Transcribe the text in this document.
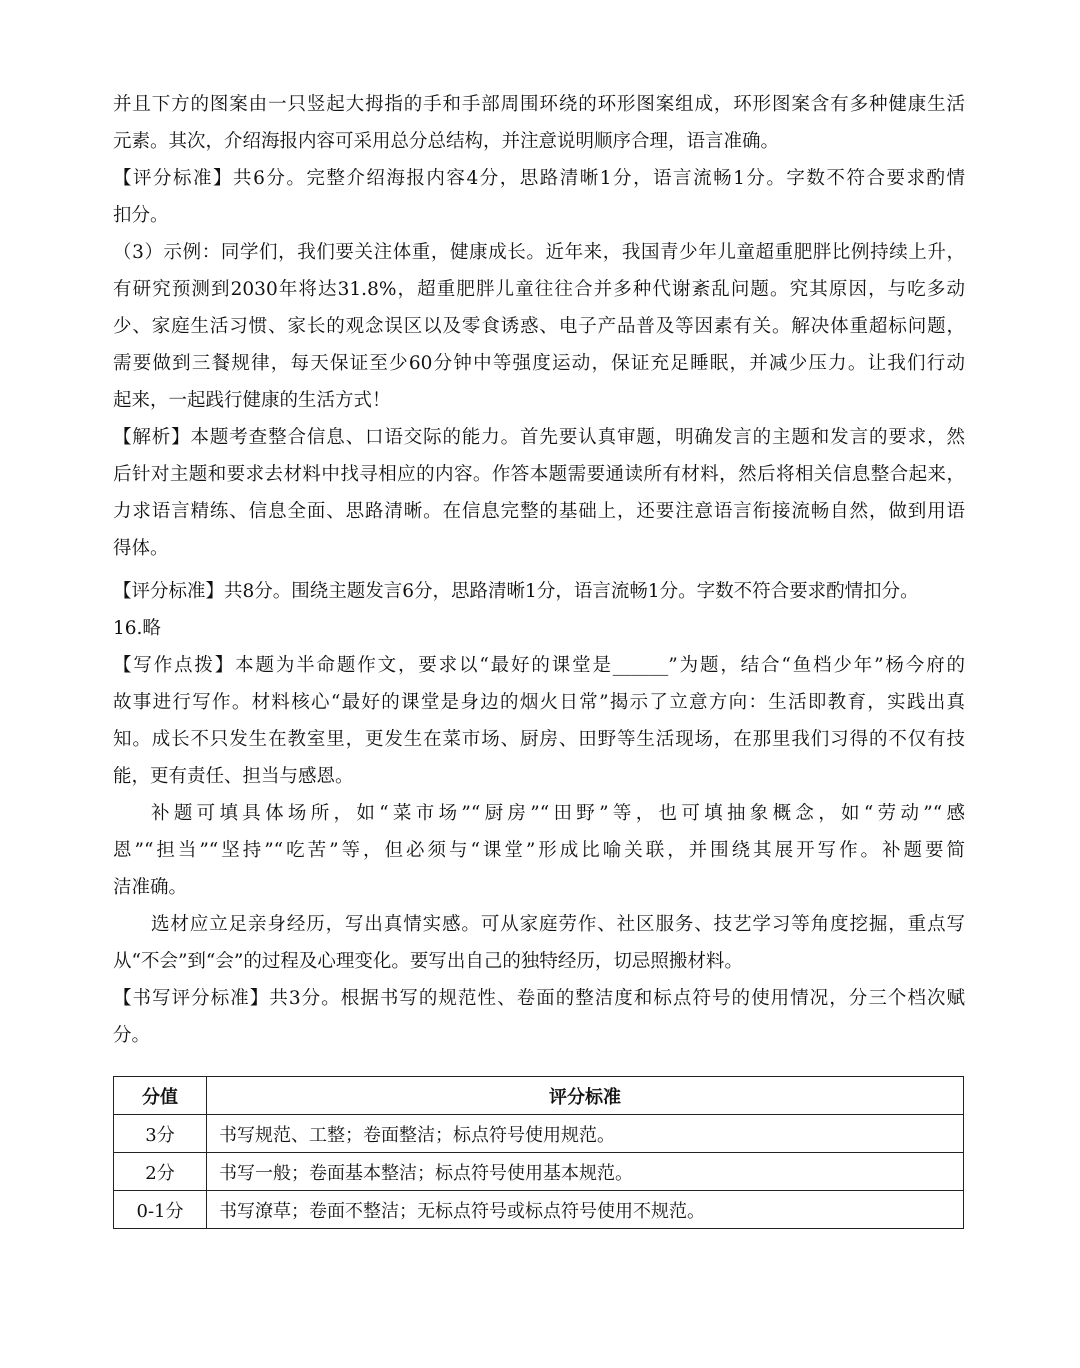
并且下方的图案由一只竖起大拇指的手和手部周围环绕的环形图案组成，环形图案含有多种健康生活
元素。其次，介绍海报内容可采用总分总结构，并注意说明顺序合理，语言准确。
【评分标准】共6分。完整介绍海报内容4分，思路清晰1分，语言流畅1分。字数不符合要求酌情
扣分。
（3）示例：同学们，我们要关注体重，健康成长。近年来，我国青少年儿童超重肥胖比例持续上升，
有研究预测到2030年将达31.8%，超重肥胖儿童往往合并多种代谢紊乱问题。究其原因，与吃多动
少、家庭生活习惯、家长的观念误区以及零食诱惑、电子产品普及等因素有关。解决体重超标问题，
需要做到三餐规律，每天保证至少60分钟中等强度运动，保证充足睡眠，并减少压力。让我们行动
起来，一起践行健康的生活方式！
【解析】本题考查整合信息、口语交际的能力。首先要认真审题，明确发言的主题和发言的要求，然
后针对主题和要求去材料中找寻相应的内容。作答本题需要通读所有材料，然后将相关信息整合起来，
力求语言精练、信息全面、思路清晰。在信息完整的基础上，还要注意语言衔接流畅自然，做到用语
得体。
【评分标准】共8分。围绕主题发言6分，思路清晰1分，语言流畅1分。字数不符合要求酌情扣分。
16.略
【写作点拨】本题为半命题作文，要求以“最好的课堂是______”为题，结合“鱼档少年”杨今府的
故事进行写作。材料核心“最好的课堂是身边的烟火日常”揭示了立意方向：生活即教育，实践出真
知。成长不只发生在教室里，更发生在菜市场、厨房、田野等生活现场，在那里我们习得的不仅有技
能，更有责任、担当与感恩。
补题可填具体场所，如“菜市场”“厨房”“田野”等，也可填抽象概念，如“劳动”“感
恩”“担当”“坚持”“吃苦”等，但必须与“课堂”形成比喻关联，并围绕其展开写作。补题要简
洁准确。
选材应立足亲身经历，写出真情实感。可从家庭劳作、社区服务、技艺学习等角度挖掘，重点写
从“不会”到“会”的过程及心理变化。要写出自己的独特经历，切忌照搬材料。
【书写评分标准】共3分。根据书写的规范性、卷面的整洁度和标点符号的使用情况，分三个档次赋
分。
分值	评分标准
3分	书写规范、工整；卷面整洁；标点符号使用规范。
2分	书写一般；卷面基本整洁；标点符号使用基本规范。
0-1分	书写潦草；卷面不整洁；无标点符号或标点符号使用不规范。
